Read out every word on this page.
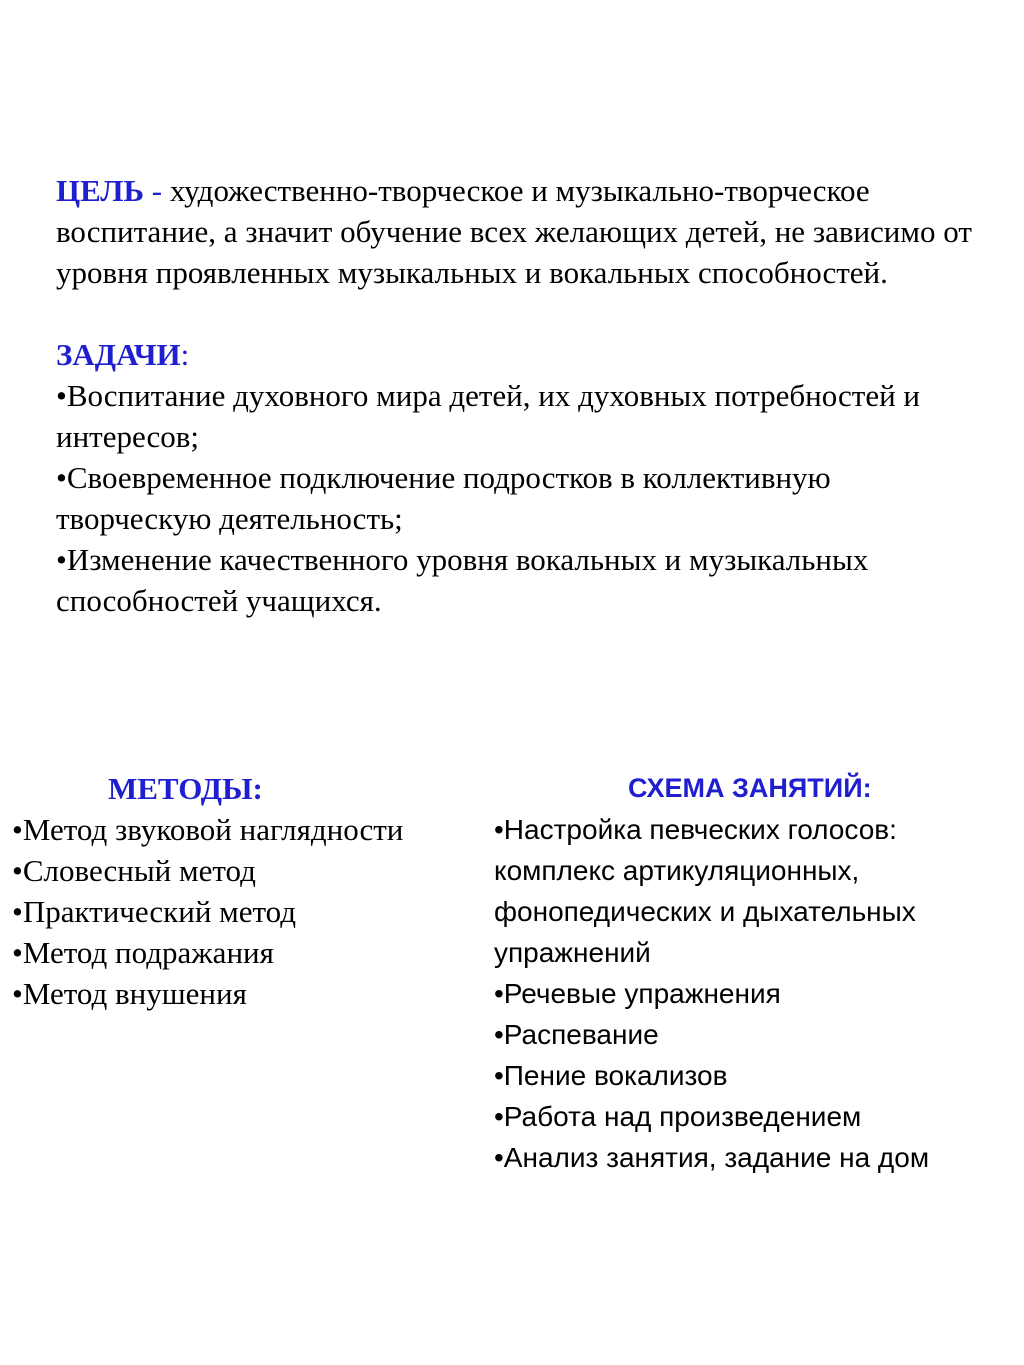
ЦЕЛЬ - художественно-творческое и музыкально-творческое воспитание, а значит обучение всех желающих детей, не зависимо от уровня проявленных музыкальных и вокальных способностей.

ЗАДАЧИ:

•Воспитание духовного мира детей, их духовных потребностей и интересов;

•Своевременное подключение подростков в коллективную творческую деятельность;

•Изменение качественного уровня вокальных и музыкальных способностей учащихся.

МЕТОДЫ:
•Метод звуковой наглядности
•Словесный метод
•Практический метод
•Метод подражания
•Метод внушения
СХЕМА ЗАНЯТИЙ:
•Настройка певческих голосов:
комплекс артикуляционных,
фонопедических и дыхательных
упражнений
•Речевые упражнения
•Распевание
•Пение вокализов
•Работа над произведением
•Анализ занятия, задание на дом
